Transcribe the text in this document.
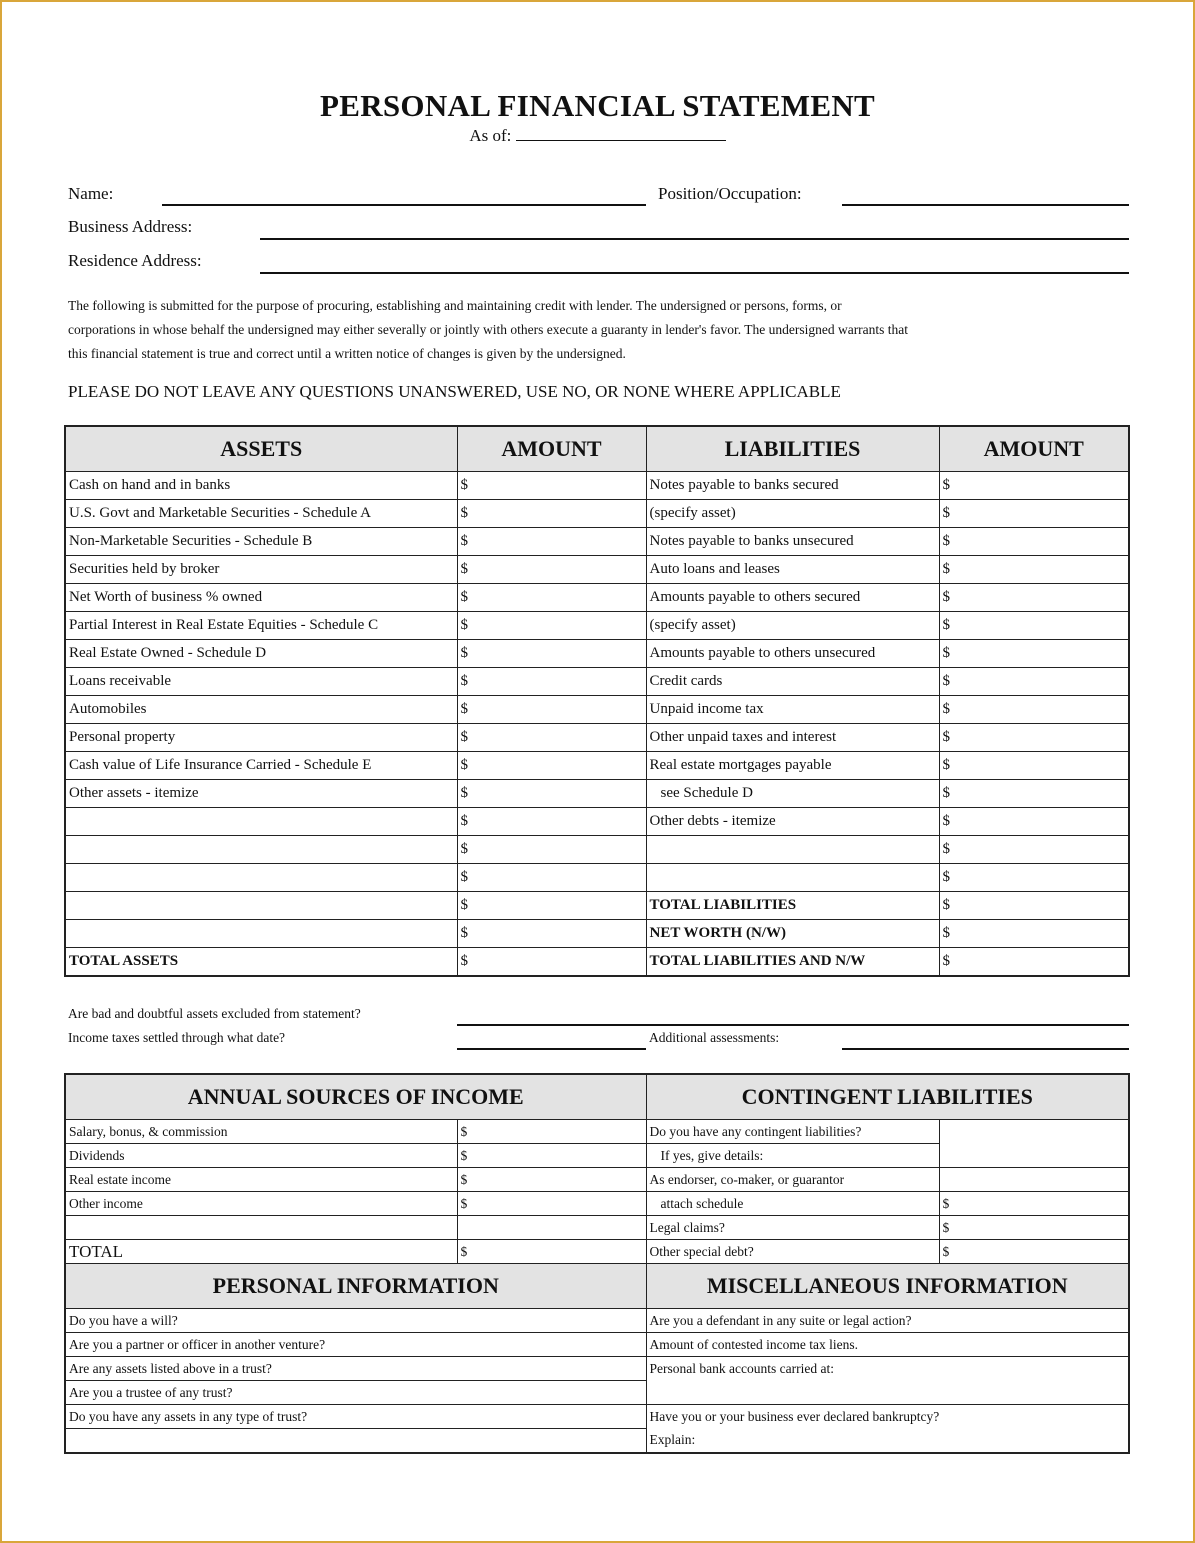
PERSONAL FINANCIAL STATEMENT
As of:
Name:	Position/Occupation:
Business Address:
Residence Address:
The following is submitted for the purpose of procuring, establishing and maintaining credit with lender. The undersigned or persons, forms, or
corporations in whose behalf the undersigned may either severally or jointly with others execute a guaranty in lender's favor. The undersigned warrants that
this financial statement is true and correct until a written notice of changes is given by the undersigned.
PLEASE DO NOT LEAVE ANY QUESTIONS UNANSWERED, USE NO, OR NONE WHERE APPLICABLE
ASSETS	AMOUNT	LIABILITIES	AMOUNT
Cash on hand and in banks	$	Notes payable to banks secured	$
U.S. Govt and Marketable Securities - Schedule A	$	(specify asset)	$
Non-Marketable Securities - Schedule B	$	Notes payable to banks unsecured	$
Securities held by broker	$	Auto loans and leases	$
Net Worth of business % owned	$	Amounts payable to others secured	$
Partial Interest in Real Estate Equities - Schedule C	$	(specify asset)	$
Real Estate Owned - Schedule D	$	Amounts payable to others unsecured	$
Loans receivable	$	Credit cards	$
Automobiles	$	Unpaid income tax	$
Personal property	$	Other unpaid taxes and interest	$
Cash value of Life Insurance Carried - Schedule E	$	Real estate mortgages payable	$
Other assets - itemize	$	see Schedule D	$
	$	Other debts - itemize	$
	$		$
	$		$
	$	TOTAL LIABILITIES	$
	$	NET WORTH (N/W)	$
TOTAL ASSETS	$	TOTAL LIABILITIES AND N/W	$
Are bad and doubtful assets excluded from statement?
Income taxes settled through what date?	Additional assessments:
ANNUAL SOURCES OF INCOME		CONTINGENT LIABILITIES	
Salary, bonus, & commission	$	Do you have any contingent liabilities?	
Dividends	$	If yes, give details:	
Real estate income	$	As endorser, co-maker, or guarantor	
Other income	$	attach schedule	$
		Legal claims?	$
TOTAL	$	Other special debt?	$
PERSONAL INFORMATION		MISCELLANEOUS INFORMATION	
Do you have a will?		Are you a defendant in any suite or legal action?	
Are you a partner or officer in another venture?		Amount of contested income tax liens.	
Are any assets listed above in a trust?		Personal bank accounts carried at:	
Are you a trustee of any trust?			
Do you have any assets in any type of trust?		Have you or your business ever declared bankruptcy?
Explain:	
